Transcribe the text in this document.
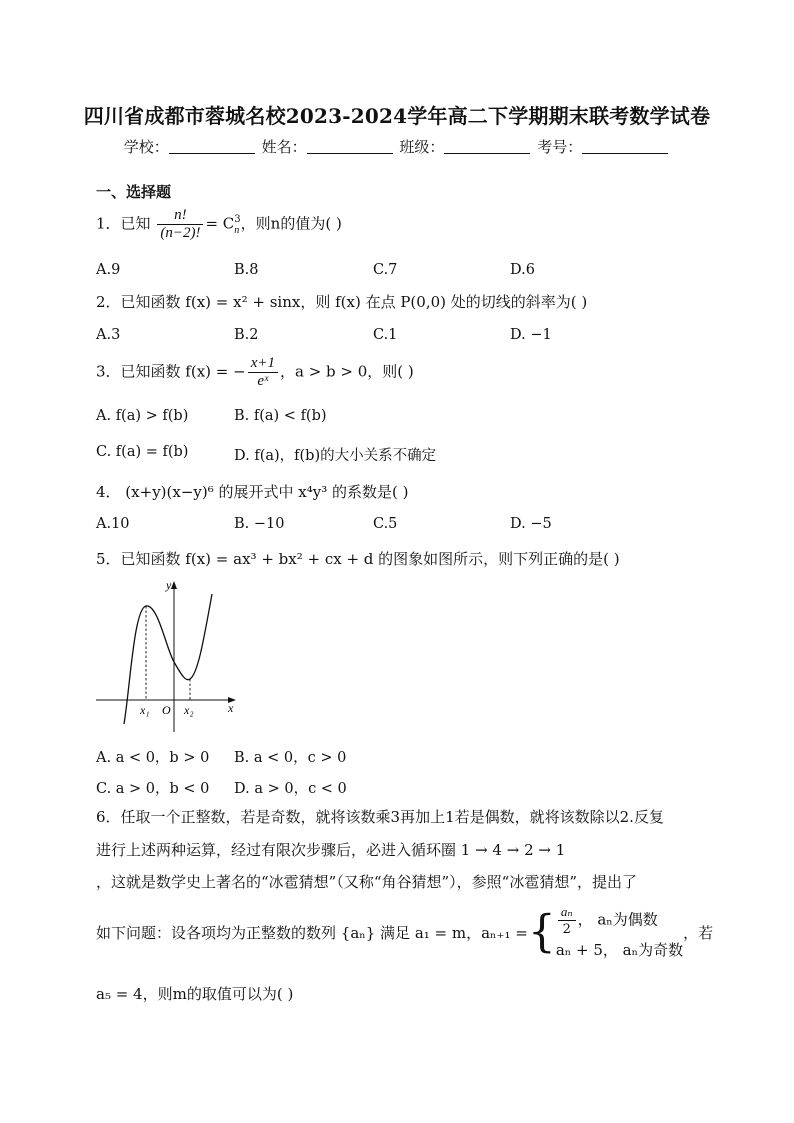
四川省成都市蓉城名校2023-2024学年高二下学期期末联考数学试卷
学校：	姓名：	班级：	考号：
一、选择题
1．已知 $\frac{n!}{(n-2)!} = C$ 3
n ，则n的值为( )
A.9	B.8	C.7	D.6
2．已知函数 f(x) = x² + sinx，则 f(x) 在点 P(0,0) 处的切线的斜率为( )
A.3	B.2	C.1	D. −1
3．已知函数 f(x) = − $\frac{x+1}{\text{eˣ}}$ ，a > b > 0，则( )
A. f(a) > f(b)	B. f(a) < f(b)
C. f(a) = f(b)	D. f(a)，f(b)的大小关系不确定
4． (x+y)(x−y)⁶ 的展开式中 x⁴y³ 的系数是( )
A.10	B. −10	C.5	D. −5
5．已知函数 f(x) = ax³ + bx² + cx + d 的图象如图所示，则下列正确的是( )
y
x
O
x₁	x₂
A. a < 0，b > 0 B. a < 0，c > 0
C. a > 0，b < 0 D. a > 0，c < 0
6．任取一个正整数，若是奇数，就将该数乘3再加上1若是偶数，就将该数除以2.反复
进行上述两种运算，经过有限次步骤后，必进入循环圈 1 → 4 → 2 → 1
，这就是数学史上著名的“冰雹猜想”（又称“角谷猜想”），参照“冰雹猜想”，提出了
如下问题：设各项均为正整数的数列 {aₙ} 满足 a₁ = m，aₙ₊₁ ={ $\frac{\text{aₙ}}{2}$ ， aₙ为偶数
aₙ + 5， aₙ为奇数
，若
a₅ = 4，则m的取值可以为( )
